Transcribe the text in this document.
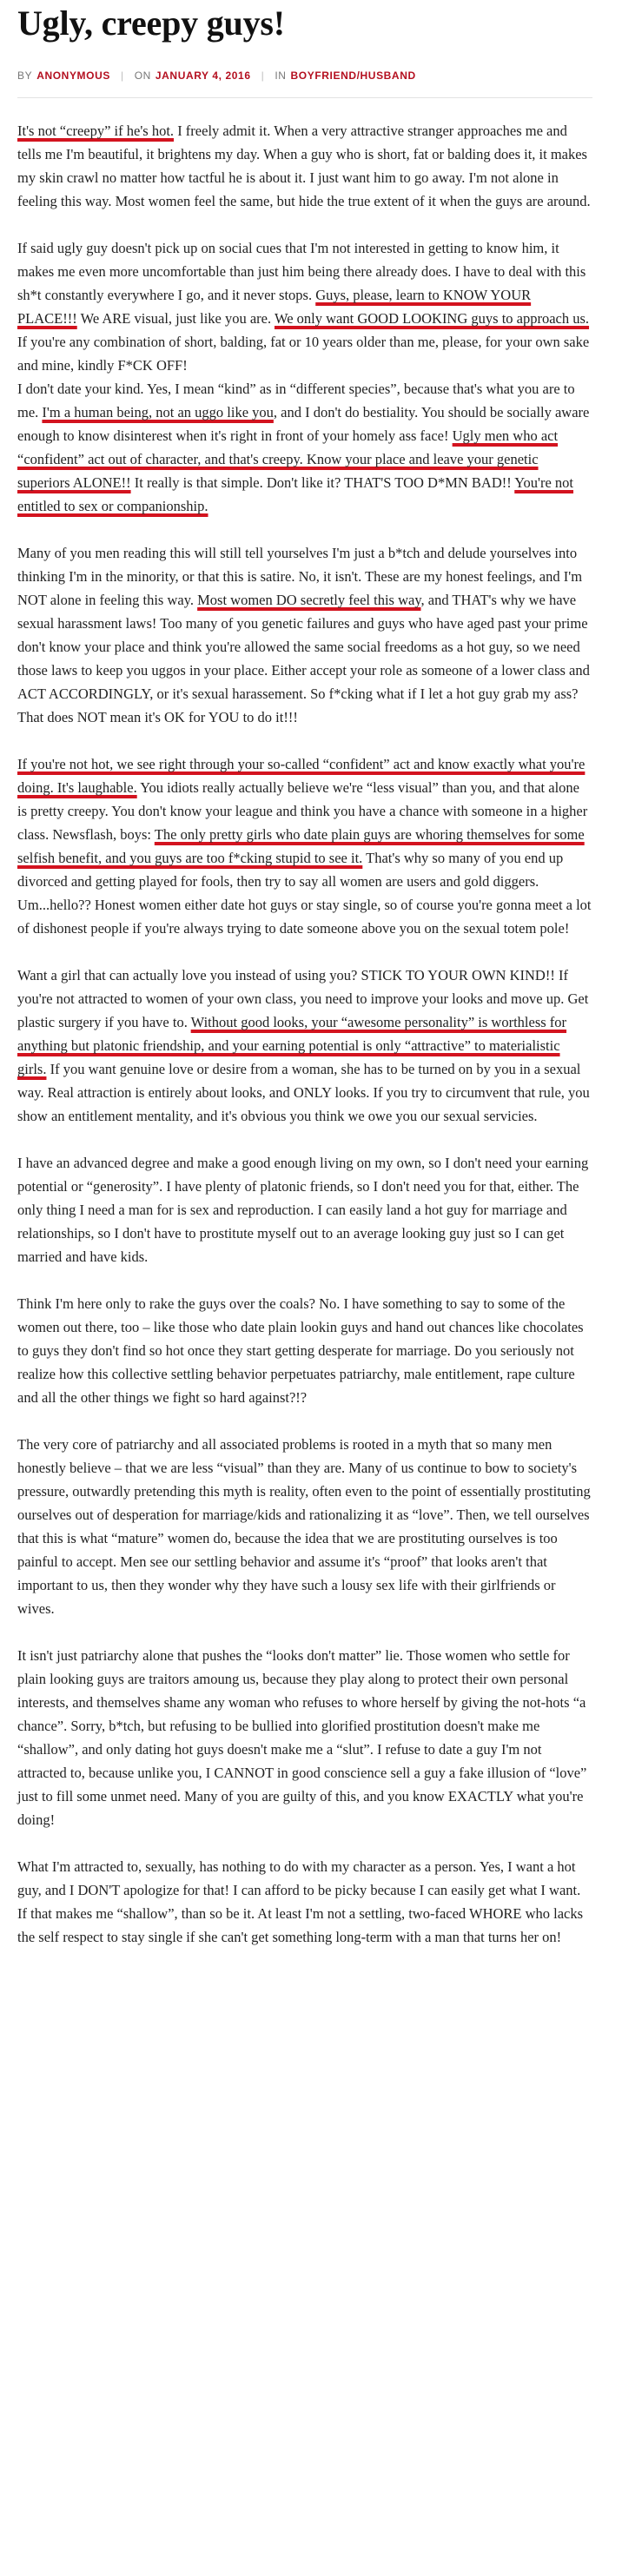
Ugly, creepy guys!
BY ANONYMOUS | ON JANUARY 4, 2016 | IN BOYFRIEND/HUSBAND

It's not “creepy” if he's hot. I freely admit it. When a very attractive stranger approaches me and tells me I'm beautiful, it brightens my day. When a guy who is short, fat or balding does it, it makes my skin crawl no matter how tactful he is about it. I just want him to go away. I'm not alone in feeling this way. Most women feel the same, but hide the true extent of it when the guys are around.

If said ugly guy doesn't pick up on social cues that I'm not interested in getting to know him, it makes me even more uncomfortable than just him being there already does. I have to deal with this sh*t constantly everywhere I go, and it never stops. Guys, please, learn to KNOW YOUR PLACE!!! We ARE visual, just like you are. We only want GOOD LOOKING guys to approach us. If you're any combination of short, balding, fat or 10 years older than me, please, for your own sake and mine, kindly F*CK OFF!

I don't date your kind. Yes, I mean “kind” as in “different species”, because that's what you are to me. I'm a human being, not an uggo like you, and I don't do bestiality. You should be socially aware enough to know disinterest when it's right in front of your homely ass face! Ugly men who act “confident” act out of character, and that's creepy. Know your place and leave your genetic superiors ALONE!! It really is that simple. Don't like it? THAT'S TOO D*MN BAD!! You're not entitled to sex or companionship.

Many of you men reading this will still tell yourselves I'm just a b*tch and delude yourselves into thinking I'm in the minority, or that this is satire. No, it isn't. These are my honest feelings, and I'm NOT alone in feeling this way. Most women DO secretly feel this way, and THAT's why we have sexual harassment laws! Too many of you genetic failures and guys who have aged past your prime don't know your place and think you're allowed the same social freedoms as a hot guy, so we need those laws to keep you uggos in your place. Either accept your role as someone of a lower class and ACT ACCORDINGLY, or it's sexual harassement. So f*cking what if I let a hot guy grab my ass? That does NOT mean it's OK for YOU to do it!!!

If you're not hot, we see right through your so-called “confident” act and know exactly what you're doing. It's laughable. You idiots really actually believe we're “less visual” than you, and that alone is pretty creepy. You don't know your league and think you have a chance with someone in a higher class. Newsflash, boys: The only pretty girls who date plain guys are whoring themselves for some selfish benefit, and you guys are too f*cking stupid to see it. That's why so many of you end up divorced and getting played for fools, then try to say all women are users and gold diggers. Um...hello?? Honest women either date hot guys or stay single, so of course you're gonna meet a lot of dishonest people if you're always trying to date someone above you on the sexual totem pole!

Want a girl that can actually love you instead of using you? STICK TO YOUR OWN KIND!! If you're not attracted to women of your own class, you need to improve your looks and move up. Get plastic surgery if you have to. Without good looks, your “awesome personality” is worthless for anything but platonic friendship, and your earning potential is only “attractive” to materialistic girls. If you want genuine love or desire from a woman, she has to be turned on by you in a sexual way. Real attraction is entirely about looks, and ONLY looks. If you try to circumvent that rule, you show an entitlement mentality, and it's obvious you think we owe you our sexual servicies.

I have an advanced degree and make a good enough living on my own, so I don't need your earning potential or “generosity”. I have plenty of platonic friends, so I don't need you for that, either. The only thing I need a man for is sex and reproduction. I can easily land a hot guy for marriage and relationships, so I don't have to prostitute myself out to an average looking guy just so I can get married and have kids.

Think I'm here only to rake the guys over the coals? No. I have something to say to some of the women out there, too – like those who date plain lookin guys and hand out chances like chocolates to guys they don't find so hot once they start getting desperate for marriage. Do you seriously not realize how this collective settling behavior perpetuates patriarchy, male entitlement, rape culture and all the other things we fight so hard against?!?

The very core of patriarchy and all associated problems is rooted in a myth that so many men honestly believe – that we are less “visual” than they are. Many of us continue to bow to society's pressure, outwardly pretending this myth is reality, often even to the point of essentially prostituting ourselves out of desperation for marriage/kids and rationalizing it as “love”. Then, we tell ourselves that this is what “mature” women do, because the idea that we are prostituting ourselves is too painful to accept. Men see our settling behavior and assume it's “proof” that looks aren't that important to us, then they wonder why they have such a lousy sex life with their girlfriends or wives.

It isn't just patriarchy alone that pushes the “looks don't matter” lie. Those women who settle for plain looking guys are traitors amoung us, because they play along to protect their own personal interests, and themselves shame any woman who refuses to whore herself by giving the not-hots “a chance”. Sorry, b*tch, but refusing to be bullied into glorified prostitution doesn't make me “shallow”, and only dating hot guys doesn't make me a “slut”. I refuse to date a guy I'm not attracted to, because unlike you, I CANNOT in good conscience sell a guy a fake illusion of “love” just to fill some unmet need. Many of you are guilty of this, and you know EXACTLY what you're doing!

What I'm attracted to, sexually, has nothing to do with my character as a person. Yes, I want a hot guy, and I DON'T apologize for that! I can afford to be picky because I can easily get what I want. If that makes me “shallow”, than so be it. At least I'm not a settling, two-faced WHORE who lacks the self respect to stay single if she can't get something long-term with a man that turns her on!
